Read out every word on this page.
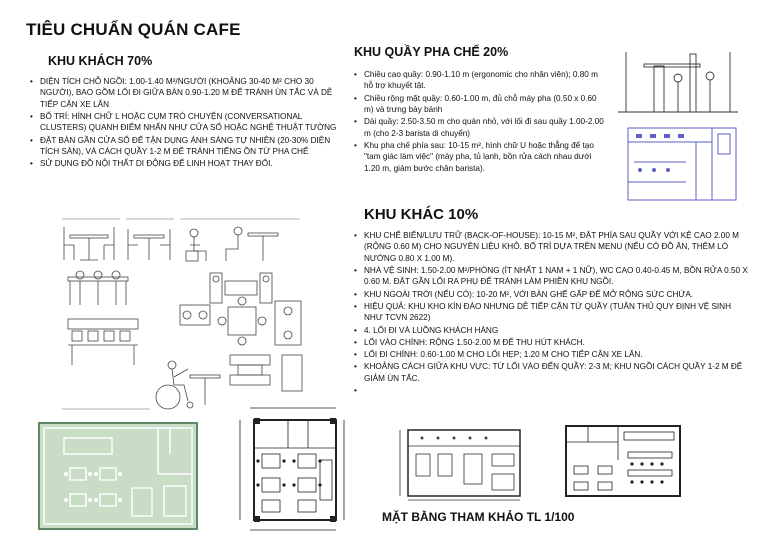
TIÊU CHUẨN QUÁN CAFE
KHU KHÁCH 70%
• DIỆN TÍCH CHỖ NGỒI: 1.00-1.40 M²/NGƯỜI (KHOẢNG 30-40 M² CHO 30 NGƯỜI), BAO GỒM LỐI ĐI GIỮA BÀN 0.90-1.20 M ĐỂ TRÁNH ÙN TẮC VÀ DỄ TIẾP CẬN XE LĂN
• BỐ TRÍ: HÌNH CHỮ L HOẶC CỤM TRÒ CHUYỆN (CONVERSATIONAL CLUSTERS) QUANH ĐIỂM NHẤN NHƯ CỬA SỔ HOẶC NGHỆ THUẬT TƯỜNG
• ĐẶT BÀN GẦN CỬA SỔ ĐỂ TẬN DỤNG ÁNH SÁNG TỰ NHIÊN (20-30% DIỆN TÍCH SÀN), VÀ CÁCH QUẦY 1-2 M ĐỂ TRÁNH TIẾNG ỒN TỪ PHA CHẾ
• SỬ DỤNG ĐỒ NỘI THẤT DI ĐỘNG ĐỂ LINH HOẠT THAY ĐỔI.
KHU QUẦY PHA CHẾ 20%
• Chiều cao quầy: 0.90-1.10 m (ergonomic cho nhân viên); 0.80 m hỗ trợ khuyết tật.
• Chiều rộng mặt quầy: 0.60-1.00 m, đủ chỗ máy pha (0.50 x 0.60 m) và trưng bày bánh
• Dài quầy: 2.50-3.50 m cho quán nhỏ, với lối đi sau quầy 1.00-2.00 m (cho 2-3 barista di chuyển)
• Khu pha chế phía sau: 10-15 m², hình chữ U hoặc thẳng để tạo "tam giác làm việc" (máy pha, tủ lạnh, bồn rửa cách nhau dưới 1.20 m, giảm bước chân barista).
KHU KHÁC 10%
• KHU CHẾ BIẾN/LƯU TRỮ (BACK-OF-HOUSE): 10-15 M², ĐẶT PHÍA SAU QUẦY VỚI KỆ CAO 2.00 M (RỘNG 0.60 M) CHO NGUYÊN LIỆU KHÔ. BỐ TRÍ DỰA TRÊN MENU (NẾU CÓ ĐỒ ĂN, THÊM LÒ NƯỚNG 0.80 X 1.00 M).
• NHÀ VỆ SINH: 1.50-2.00 M²/PHÒNG (ÍT NHẤT 1 NAM + 1 NỮ), WC CAO 0.40-0.45 M, BỒN RỬA 0.50 X 0.60 M. ĐẶT GẦN LỐI RA PHỤ ĐỂ TRÁNH LÀM PHIỀN KHU NGỒI.
• KHU NGOÀI TRỜI (NẾU CÓ): 10-20 M², VỚI BÀN GHẾ GẤP ĐỂ MỞ RỘNG SỨC CHỨA.
• HIỆU QUẢ: KHU KHO KÍN ĐÁO NHƯNG DỄ TIẾP CẬN TỪ QUẦY (TUÂN THỦ QUY ĐỊNH VỆ SINH NHƯ TCVN 2622)
• 4. LỐI ĐI VÀ LUỒNG KHÁCH HÀNG
• LỐI VÀO CHÍNH: RỘNG 1.50-2.00 M ĐỂ THU HÚT KHÁCH.
• LỐI ĐI CHÍNH: 0.60-1.00 M CHO LỐI HẸP; 1.20 M CHO TIẾP CẬN XE LĂN.
• KHOẢNG CÁCH GIỮA KHU VỰC: TỪ LỐI VÀO ĐẾN QUẦY: 2-3 M; KHU NGỒI CÁCH QUẦY 1-2 M ĐỂ GIẢM ÙN TẮC.
MẶT BẰNG THAM KHẢO TL 1/100
